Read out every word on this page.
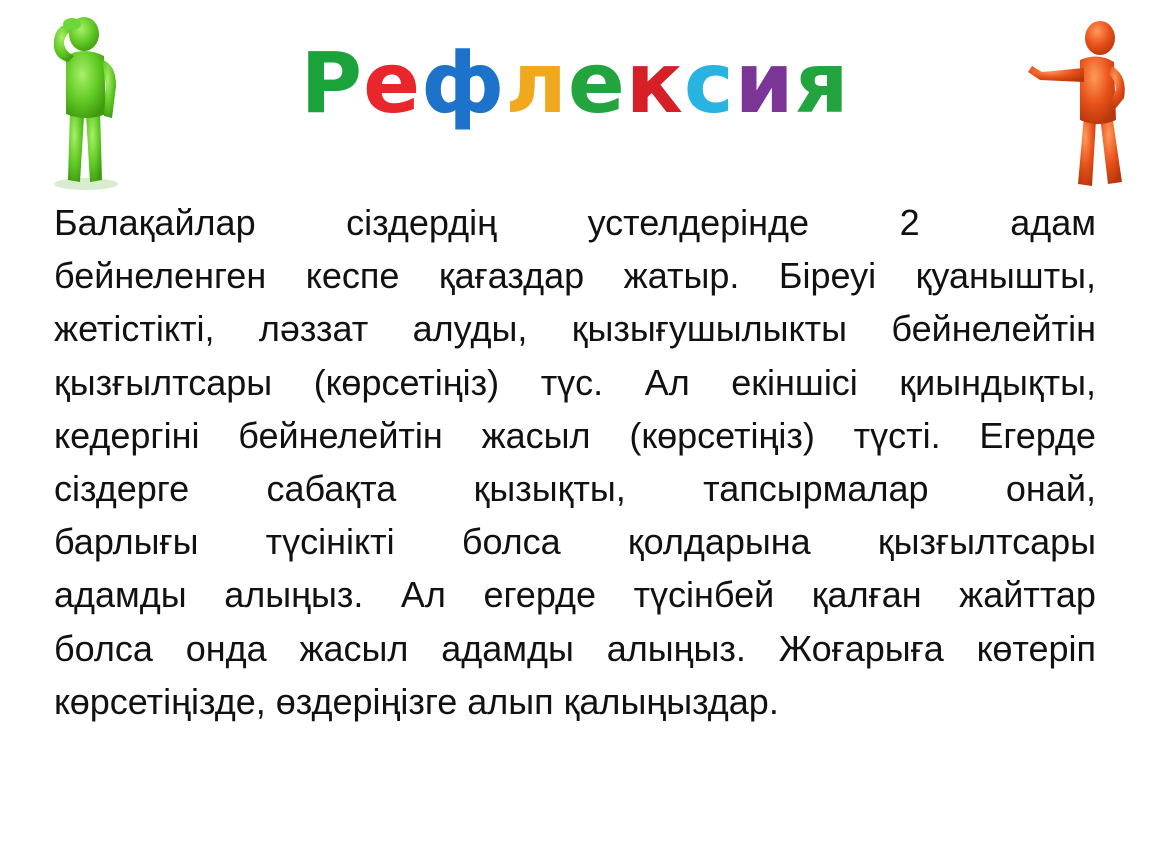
Рефлексия
Балақайлар	сіздердің	устелдерінде	2	адам
бейнеленген кеспе қағаздар жатыр. Біреуі қуанышты,
жетістікті, ләззат алуды, қызығушылыкты бейнелейтін
қызғылтсары (көрсетіңіз) түс. Ал екіншісі қиындықты,
кедергіні бейнелейтін жасыл (көрсетіңіз) түсті. Егерде
сіздерге сабақта қызықты, тапсырмалар онай,
барлығы түсінікті болса қолдарына қызғылтсары
адамды алыңыз. Ал егерде түсінбей қалған жайттар
болса онда жасыл адамды алыңыз. Жоғарыға көтеріп
көрсетіңізде, өздеріңізге алып қалыңыздар.
